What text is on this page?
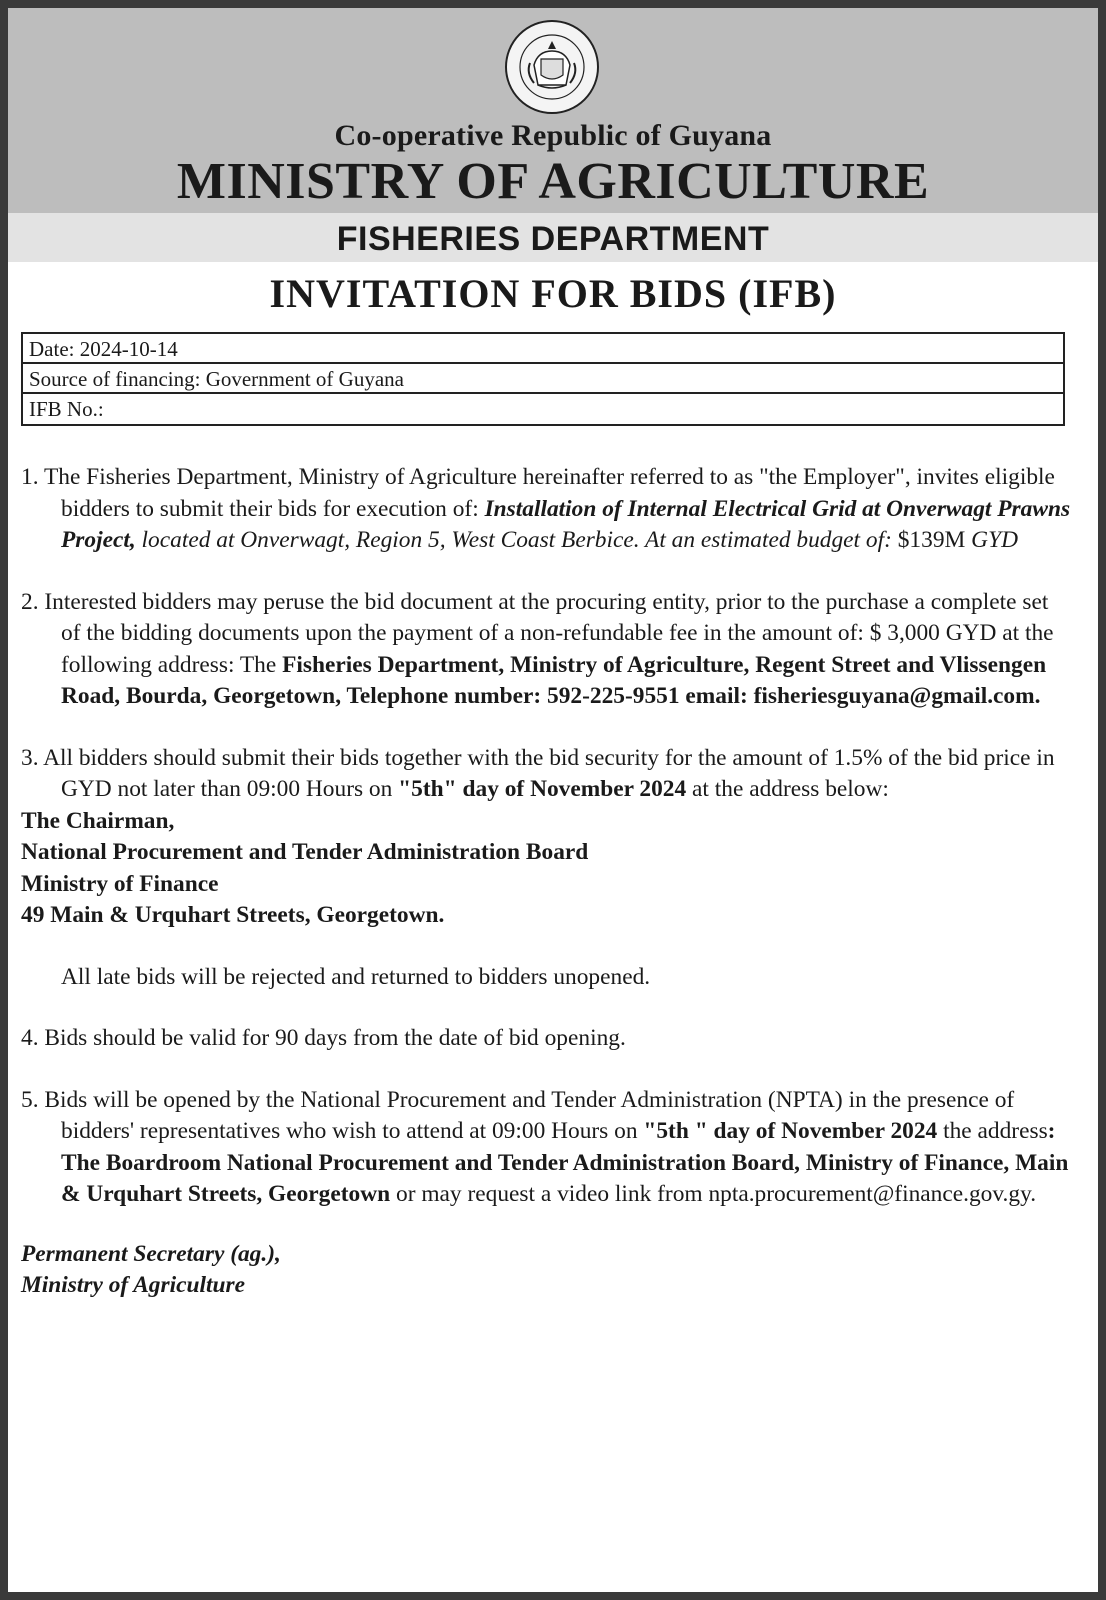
Co-operative Republic of Guyana
MINISTRY OF AGRICULTURE
FISHERIES DEPARTMENT
INVITATION FOR BIDS (IFB)
Date: 2024-10-14
Source of financing: Government of Guyana
IFB No.:

1. The Fisheries Department, Ministry of Agriculture hereinafter referred to as "the Employer", invites eligible bidders to submit their bids for execution of: Installation of Internal Electrical Grid at Onverwagt Prawns Project, located at Onverwagt, Region 5, West Coast Berbice. At an estimated budget of: $139M GYD

2. Interested bidders may peruse the bid document at the procuring entity, prior to the purchase a complete set of the bidding documents upon the payment of a non-refundable fee in the amount of: $ 3,000 GYD at the following address: The Fisheries Department, Ministry of Agriculture, Regent Street and Vlissengen Road, Bourda, Georgetown, Telephone number: 592-225-9551 email: fisheriesguyana@gmail.com.

3. All bidders should submit their bids together with the bid security for the amount of 1.5% of the bid price in GYD not later than 09:00 Hours on "5th" day of November 2024 at the address below:

The Chairman,
National Procurement and Tender Administration Board
Ministry of Finance
49 Main & Urquhart Streets, Georgetown.

All late bids will be rejected and returned to bidders unopened.

4. Bids should be valid for 90 days from the date of bid opening.

5. Bids will be opened by the National Procurement and Tender Administration (NPTA) in the presence of bidders' representatives who wish to attend at 09:00 Hours on "5th " day of November 2024 the address: The Boardroom National Procurement and Tender Administration Board, Ministry of Finance, Main & Urquhart Streets, Georgetown or may request a video link from npta.procurement@finance.gov.gy.

Permanent Secretary (ag.),
Ministry of Agriculture
